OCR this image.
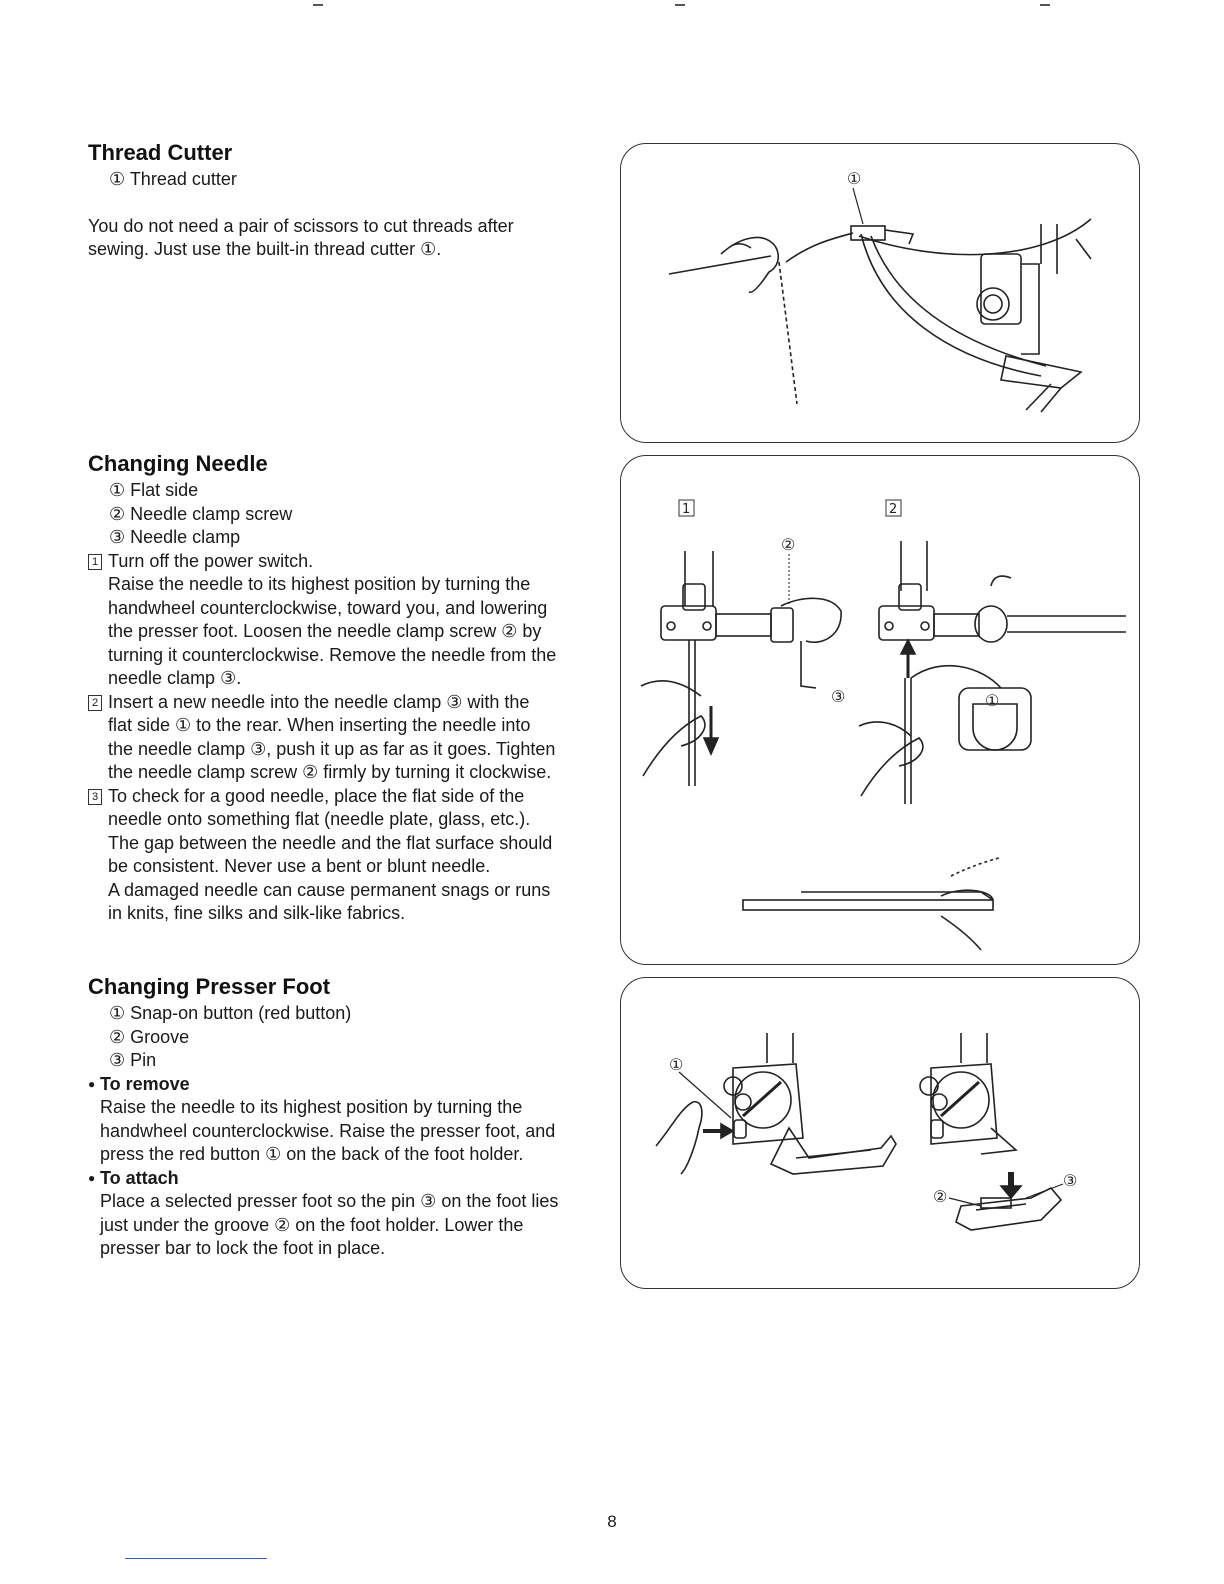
Thread Cutter
① Thread cutter
You do not need a pair of scissors to cut threads after
sewing. Just use the built-in thread cutter ①.
Changing Needle
① Flat side
② Needle clamp screw
③ Needle clamp
1 Turn off the power switch.
Raise the needle to its highest position by turning the
handwheel counterclockwise, toward you, and lowering
the presser foot. Loosen the needle clamp screw ② by
turning it counterclockwise. Remove the needle from the
needle clamp ③.
2 Insert a new needle into the needle clamp ③ with the
flat side ① to the rear. When inserting the needle into
the needle clamp ③, push it up as far as it goes. Tighten
the needle clamp screw ② firmly by turning it clockwise.
3 To check for a good needle, place the flat side of the
needle onto something flat (needle plate, glass, etc.).
The gap between the needle and the flat surface should
be consistent. Never use a bent or blunt needle.
A damaged needle can cause permanent snags or runs
in knits, fine silks and silk-like fabrics.
Changing Presser Foot
① Snap-on button (red button)
② Groove
③ Pin
● To remove
Raise the needle to its highest position by turning the
handwheel counterclockwise. Raise the presser foot, and
press the red button ① on the back of the foot holder.
● To attach
Place a selected presser foot so the pin ③ on the foot lies
just under the groove ② on the foot holder. Lower the
presser bar to lock the foot in place.
①
1	2
②
③	①
①
②
③
8
